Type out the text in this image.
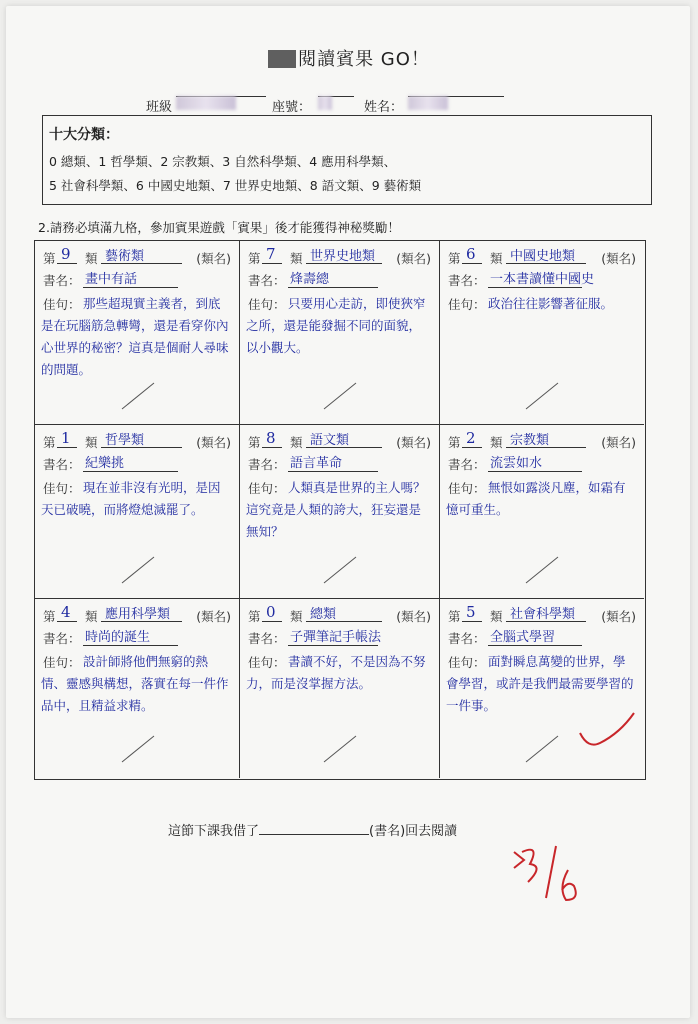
閱讀賓果 GO！
班級	座號：	姓名：
十大分類：
0 總類、1 哲學類、2 宗教類、3 自然科學類、4 應用科學類、
5 社會科學類、6 中國史地類、7 世界史地類、8 語文類、9 藝術類
2.請務必填滿九格，參加賓果遊戲「賓果」後才能獲得神秘獎勵！
第 9 類 藝術類	(類名)
書名： 畫中有話
佳句： 那些超現實主義者，到底是在玩腦筋急轉彎，還是看穿你內心世界的秘密？這真是個耐人尋味的問題。
第 7 類 世界史地類 (類名)
書名： 烽壽總
佳句： 只要用心走訪，即使狹窄之所，還是能發掘不同的面貌，以小觀大。
第 6 類 中國史地類 (類名)
書名： 一本書讀懂中國史
佳句： 政治往往影響著征服。
第 1 類 哲學類	(類名)
書名： 紀樂挑
佳句： 現在並非沒有光明，是因天已破曉，而將燈熄滅罷了。
第 8 類 語文類	(類名)
書名： 語言革命
佳句： 人類真是世界的主人嗎？這究竟是人類的誇大，狂妄還是無知？
第 2 類 宗教類	(類名)
書名： 流雲如水
佳句： 無恨如露淡凡塵，如霜有憶可重生。
第 4 類 應用科學類 (類名)
書名： 時尚的誕生
佳句： 設計師將他們無窮的熱情、靈感與構想，落實在每一件作品中，且精益求精。
第 0 類 總類	(類名)
書名： 子彈筆記手帳法
佳句： 書讀不好，不是因為不努力，而是沒掌握方法。
第 5 類 社會科學類 (類名)
書名： 全腦式學習
佳句： 面對瞬息萬變的世界，學會學習，或許是我們最需要學習的一件事。
這節下課我借了	(書名)回去閱讀
